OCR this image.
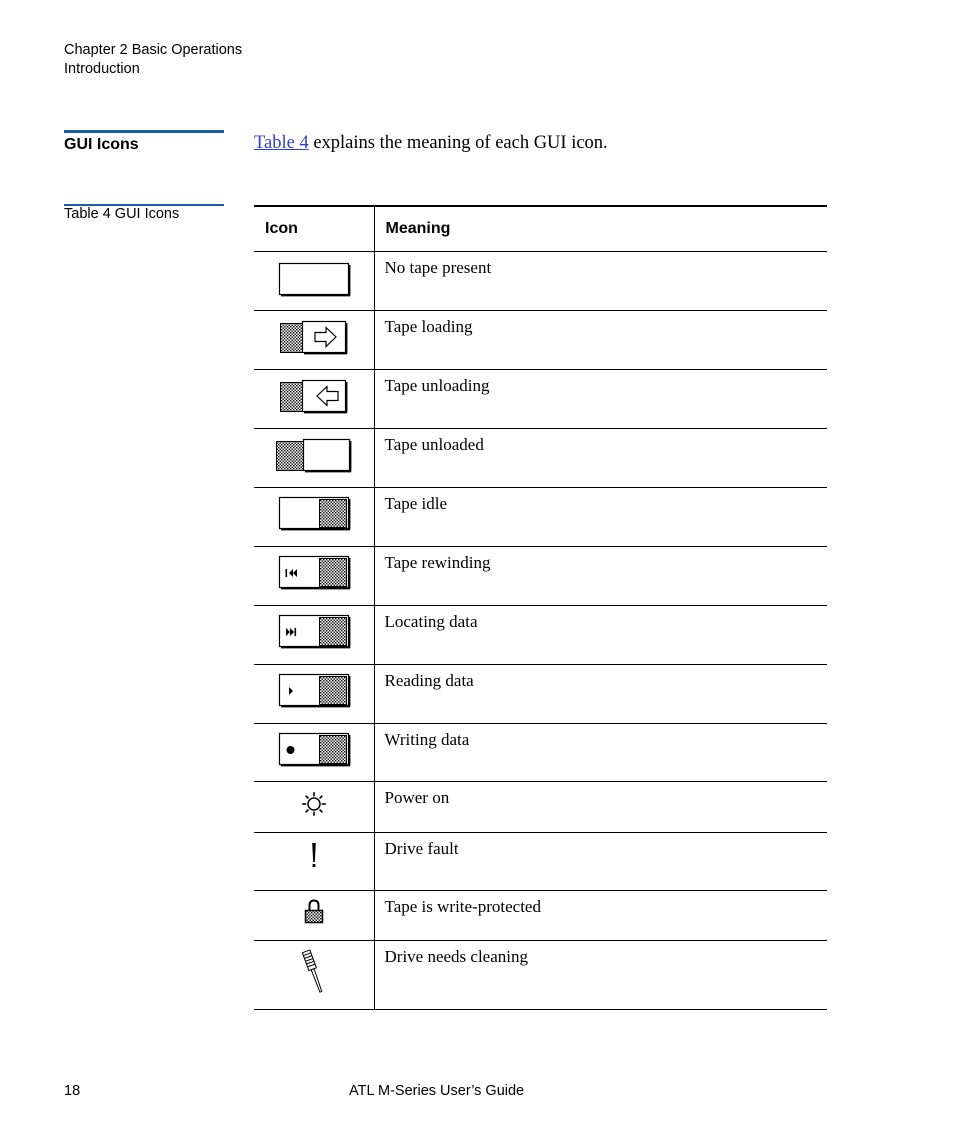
Chapter 2 Basic Operations
Introduction
GUI Icons	Table 4 explains the meaning of each GUI icon.
Table 4 GUI Icons
Icon	Meaning

	No tape present

	Tape loading

	Tape unloading

	Tape unloaded

	Tape idle

	Tape rewinding

	Locating data

	Reading data

	Writing data

	Power on

	Drive fault

	Tape is write-protected

	Drive needs cleaning
18	ATL M-Series User’s Guide
